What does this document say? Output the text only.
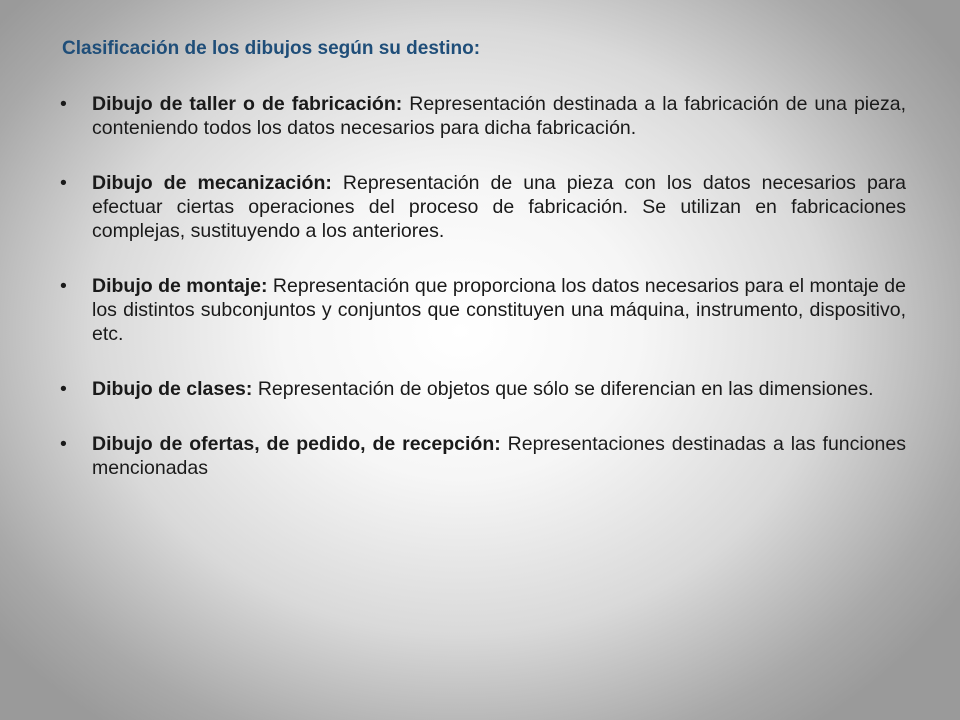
Clasificación de los dibujos según su destino:
• Dibujo de taller o de fabricación: Representación destinada a la fabricación de una pieza, conteniendo todos los datos necesarios para dicha fabricación.
• Dibujo de mecanización: Representación de una pieza con los datos necesarios para efectuar ciertas operaciones del proceso de fabricación. Se utilizan en fabricaciones complejas, sustituyendo a los anteriores.
• Dibujo de montaje: Representación que proporciona los datos necesarios para el montaje de los distintos subconjuntos y conjuntos que constituyen una máquina, instrumento, dispositivo, etc.
• Dibujo de clases: Representación de objetos que sólo se diferencian en las dimensiones.
• Dibujo de ofertas, de pedido, de recepción: Representaciones destinadas a las funciones mencionadas
